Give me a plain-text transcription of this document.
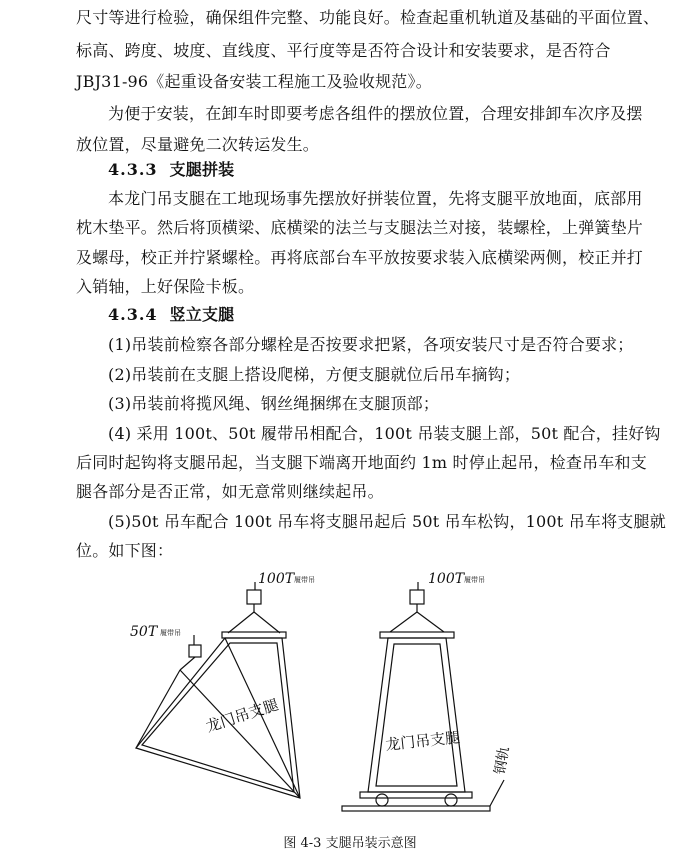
尺寸等进行检验，确保组件完整、功能良好。检查起重机轨道及基础的平面位置、
标高、跨度、坡度、直线度、平行度等是否符合设计和安装要求，是否符合
JBJ31-96《起重设备安装工程施工及验收规范》。
为便于安装，在卸车时即要考虑各组件的摆放位置，合理安排卸车次序及摆
放位置，尽量避免二次转运发生。
4.3.3 支腿拼装
本龙门吊支腿在工地现场事先摆放好拼装位置，先将支腿平放地面，底部用
枕木垫平。然后将顶横梁、底横梁的法兰与支腿法兰对接，装螺栓，上弹簧垫片
及螺母，校正并拧紧螺栓。再将底部台车平放按要求装入底横梁两侧，校正并打
入销轴，上好保险卡板。
4.3.4 竖立支腿
(1)吊装前检察各部分螺栓是否按要求把紧，各项安装尺寸是否符合要求；
(2)吊装前在支腿上搭设爬梯，方便支腿就位后吊车摘钩；
(3)吊装前将揽风绳、钢丝绳捆绑在支腿顶部；
(4) 采用 100t、50t 履带吊相配合，100t 吊装支腿上部，50t 配合，挂好钩
后同时起钩将支腿吊起，当支腿下端离开地面约 1m 时停止起吊，检查吊车和支
腿各部分是否正常，如无意常则继续起吊。
(5)50t 吊车配合 100t 吊车将支腿吊起后 50t 吊车松钩，100t 吊车将支腿就
位。如下图：
100T 履带吊
50T 履带吊
龙门吊支腿
100T 履带吊
龙门吊支腿
钢轨
图 4-3 支腿吊装示意图
